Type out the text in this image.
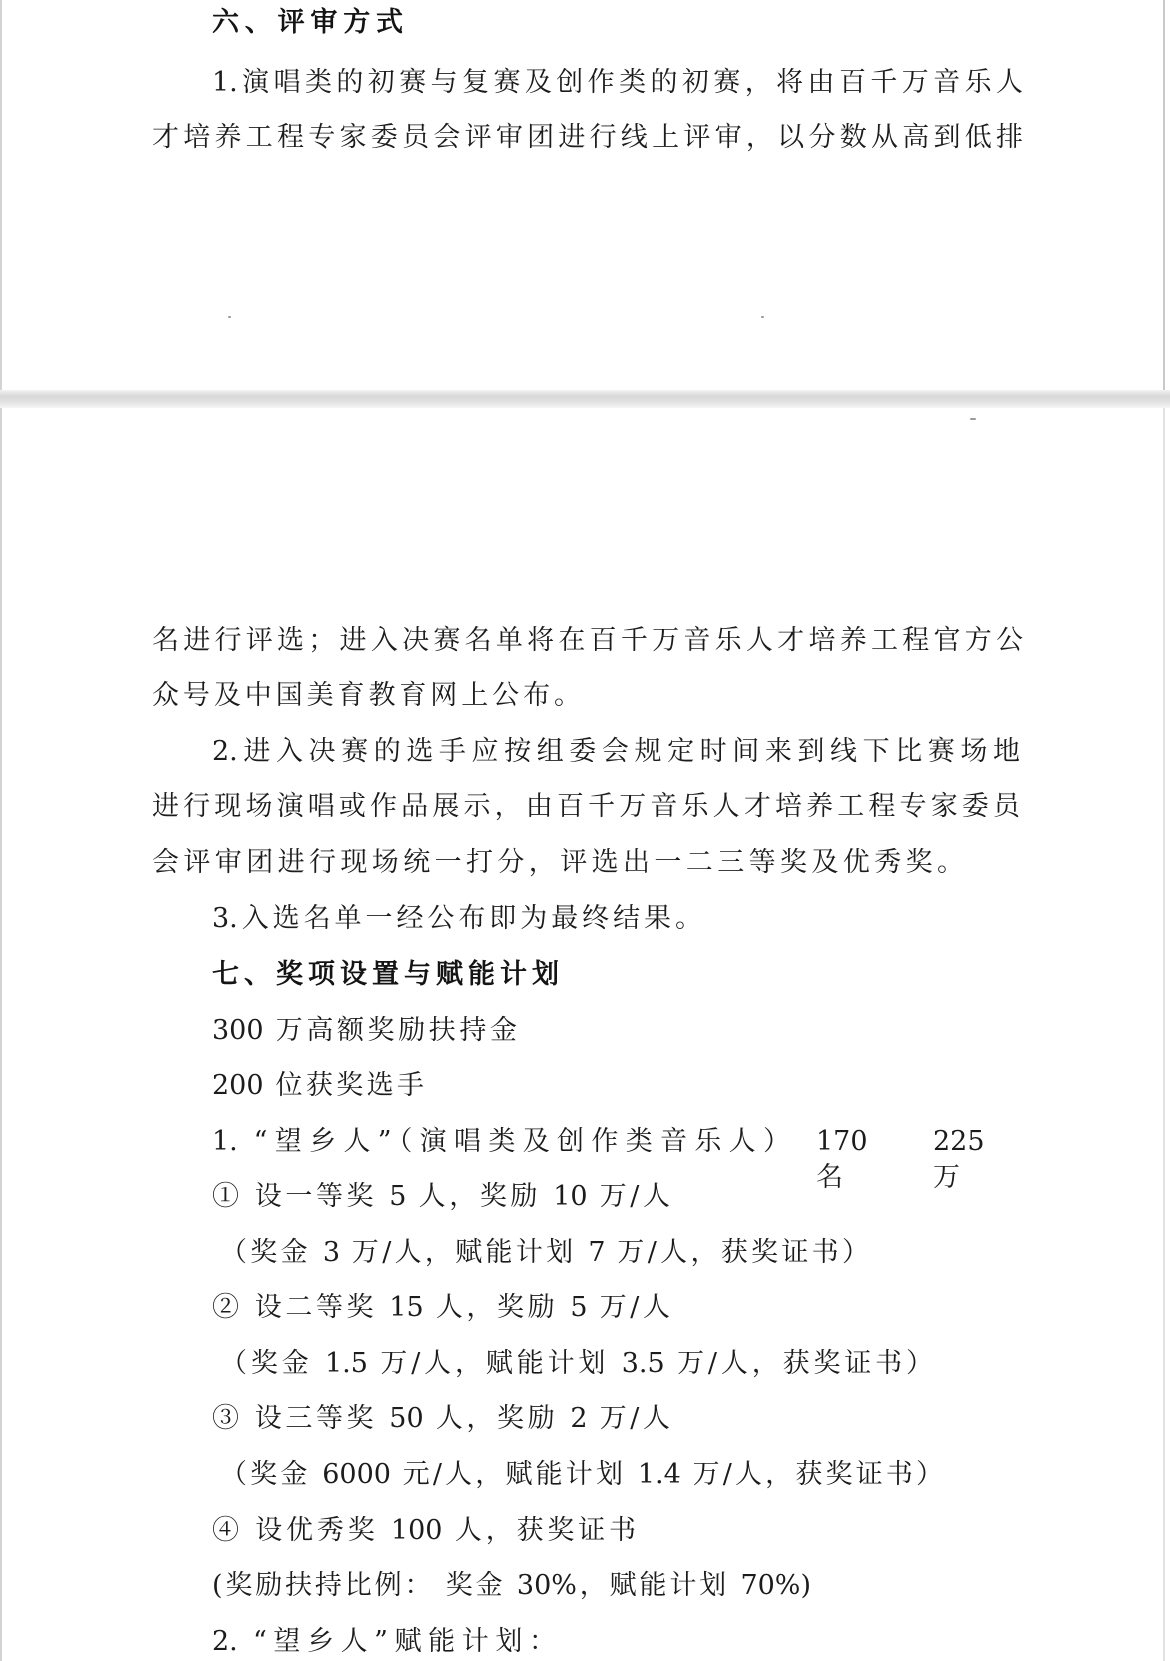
六、评审方式
1.演唱类的初赛与复赛及创作类的初赛，将由百千万音乐人
才培养工程专家委员会评审团进行线上评审，以分数从高到低排
名进行评选；进入决赛名单将在百千万音乐人才培养工程官方公
众号及中国美育教育网上公布。
2.进入决赛的选手应按组委会规定时间来到线下比赛场地
进行现场演唱或作品展示，由百千万音乐人才培养工程专家委员
会评审团进行现场统一打分，评选出一二三等奖及优秀奖。
3.入选名单一经公布即为最终结果。
七、奖项设置与赋能计划
300 万高额奖励扶持金
200 位获奖选手
1. “望乡人”（演唱类及创作类音乐人） 170 名
225 万
① 设一等奖 5 人，奖励 10 万/人
（奖金 3 万/人，赋能计划 7 万/人，获奖证书）
② 设二等奖 15 人，奖励 5 万/人
（奖金 1.5 万/人，赋能计划 3.5 万/人，获奖证书）
③ 设三等奖 50 人，奖励 2 万/人
（奖金 6000 元/人，赋能计划 1.4 万/人，获奖证书）
④ 设优秀奖 100 人，获奖证书
(奖励扶持比例： 奖金 30%，赋能计划 70%)
2. “望乡人”赋能计划：
